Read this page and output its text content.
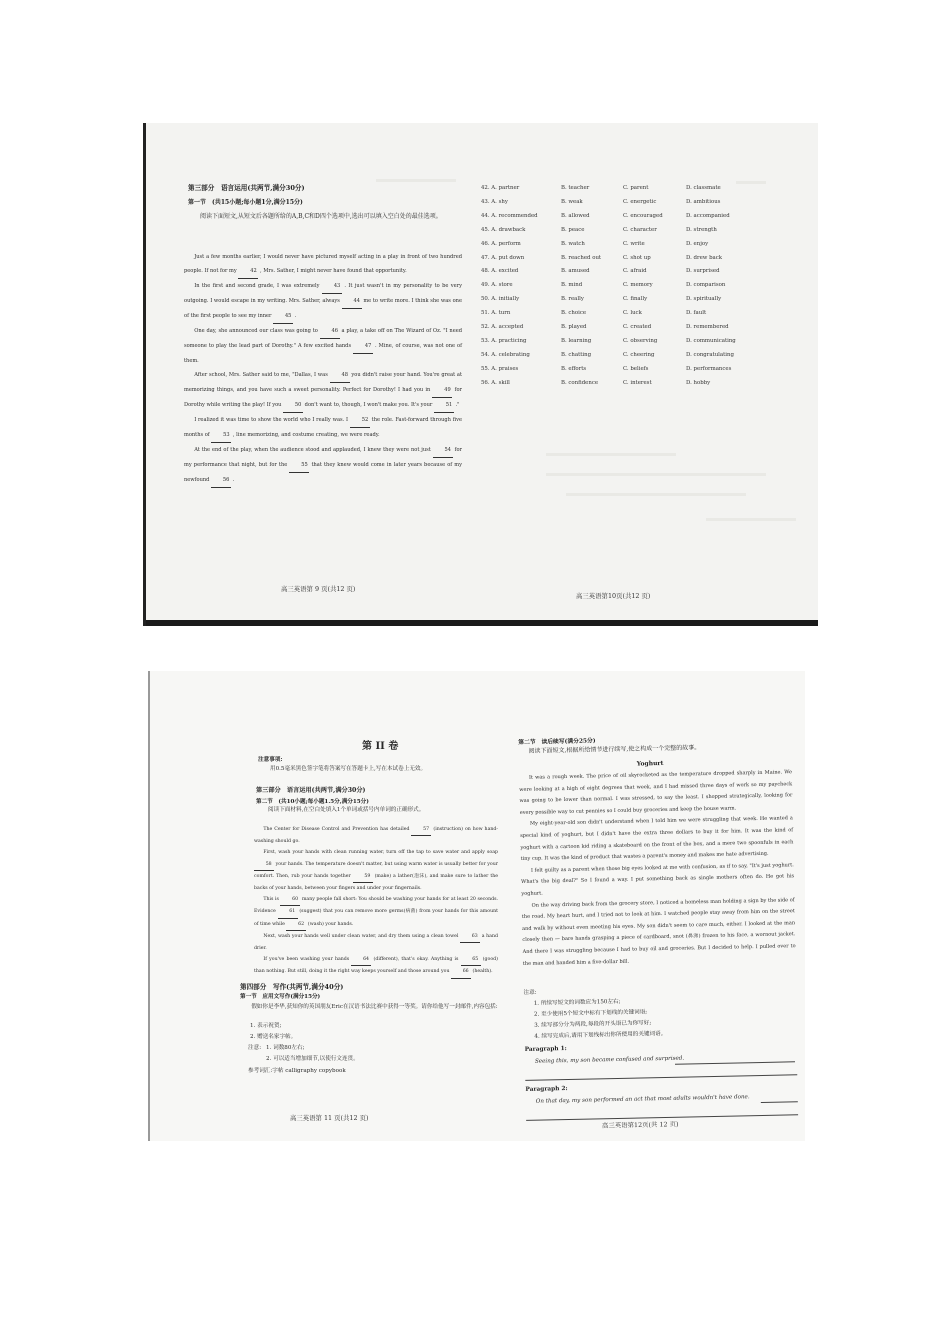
第三部分　语言运用(共两节,满分30分)
第一节　(共15小题;每小题1分,满分15分)
阅读下面短文,从短文后各题所给的A,B,C和D四个选项中,选出可以填入空白处的最佳选项。
Just a few months earlier, I would never have pictured myself acting in a play in front of two hundred people. If not for my 42 , Mrs. Sather, I might never have found that opportunity.
In the first and second grade, I was extremely 43 . It just wasn't in my personality to be very outgoing. I would escape in my writing. Mrs. Sather, always 44 me to write more. I think she was one of the first people to see my inner 45 .
One day, she announced our class was going to 46 a play, a take off on The Wizard of Oz. "I need someone to play the lead part of Dorothy." A few excited hands 47 . Mine, of course, was not one of them.
After school, Mrs. Sather said to me, "Dallas, I was 48 you didn't raise your hand. You're great at memorizing things, and you have such a sweet personality. Perfect for Dorothy! I had you in 49 for Dorothy while writing the play! If you 50 don't want to, though, I won't make you. It's your 51 ."
I realized it was time to show the world who I really was. I 52 the role. Fast-forward through five months of 53 , line memorizing, and costume creating, we were ready.
At the end of the play, when the audience stood and applauded, I knew they were not just 54 for my performance that night, but for the 55 that they knew would come in later years because of my newfound 56 .
高三英语第 9 页(共12 页)
42. A. partner	B. teacher	C. parent	D. classmate
43. A. shy	B. weak	C. energetic	D. ambitious
44. A. recommended	B. allowed	C. encouraged	D. accompanied
45. A. drawback	B. peace	C. character	D. strength
46. A. perform	B. watch	C. write	D. enjoy
47. A. put down	B. reached out	C. shot up	D. drew back
48. A. excited	B. amused	C. afraid	D. surprised
49. A. store	B. mind	C. memory	D. comparison
50. A. initially	B. really	C. finally	D. spiritually
51. A. turn	B. choice	C. luck	D. fault
52. A. accepted	B. played	C. created	D. remembered
53. A. practicing	B. learning	C. observing	D. communicating
54. A. celebrating	B. chatting	C. cheering	D. congratulating
55. A. praises	B. efforts	C. beliefs	D. performances
56. A. skill	B. confidence	C. interest	D. hobby
高三英语第10页(共12 页)
第 II 卷
注意事项:
用0.5毫米黑色签字笔将答案写在答题卡上,写在本试卷上无效。
第三部分　语言运用(共两节,满分30分)
第二节　(共10小题;每小题1.5分,满分15分)
阅读下面材料,在空白处填入1个单词或括号内单词的正确形式。
The Center for Disease Control and Prevention has detailed 57 (instruction) on how hand-washing should go.
First, wash your hands with clean running water, turn off the tap to save water and apply soap 58 your hands. The temperature doesn't matter, but using warm water is usually better for your comfort. Then, rub your hands together 59 (make) a lather(泡沫), and make sure to lather the backs of your hands, between your fingers and under your fingernails.
This is 60 many people fall short: You should be washing your hands for at least 20 seconds. Evidence 61 (suggest) that you can remove more germs(病菌) from your hands for this amount of time while 62 (wash) your hands.
Next, wash your hands well under clean water, and dry them using a clean towel 63 a hand drier.
If you've been washing your hands 64 (different), that's okay. Anything is 65 (good) than nothing. But still, doing it the right way keeps yourself and those around you 66 (health).
第四部分　写作(共两节,满分40分)
第一节　应用文写作(满分15分)
假如你是李华,获知你的英国朋友Eric在汉语书法比赛中获得一等奖。请你给他写一封邮件,内容包括:
1. 表示祝贺;
2. 赠送名家字帖。
注意: 1. 词数80左右;
2. 可以适当增加细节,以使行文连贯。
参考词汇:字帖 calligraphy copybook
高三英语第 11 页(共12 页)
第二节　读后续写(满分25分)
阅读下面短文,根据所给情节进行续写,使之构成一个完整的故事。
Yoghurt
It was a rough week. The price of oil skyrocketed as the temperature dropped sharply in Maine. We were looking at a high of eight degrees that week, and I had missed three days of work so my paycheck was going to be lower than normal. I was stressed, to say the least. I shopped strategically, looking for every possible way to cut pennies so I could buy groceries and keep the house warm.
My eight-year-old son didn't understand when I told him we were struggling that week. He wanted a special kind of yoghurt, but I didn't have the extra three dollars to buy it for him. It was the kind of yoghurt with a cartoon kid riding a skateboard on the front of the box, and a mere two spoonfuls in each tiny cup. It was the kind of product that wastes a parent's money and makes me hate advertising.
I felt guilty as a parent when those big eyes looked at me with confusion, as if to say, "It's just yoghurt. What's the big deal?" So I found a way. I put something back as single mothers often do. He got his yoghurt.
On the way driving back from the grocery store, I noticed a homeless man holding a sign by the side of the road. My heart hurt, and I tried not to look at him. I watched people stay away from him on the street and walk by without even meeting his eyes. My son didn't seem to care much, either. I looked at the man closely then — bare hands grasping a piece of cardboard, snot (鼻涕) frozen to his face, a wornout jacket. And there I was struggling because I had to buy oil and groceries. But I decided to help. I pulled over to the man and handed him a five-dollar bill.
注意:
1. 所续写短文的词数应为150左右;
2. 至少使用5个短文中标有下划线的关键词语;
3. 续写部分分为两段,每段的开头语已为你写好;
4. 续写完成后,请用下划线标出你所使用的关键词语。
Paragraph 1:
Seeing this, my son became confused and surprised.
Paragraph 2:
On that day, my son performed an act that most adults wouldn't have done.
高三英语第12页(共 12 页)
